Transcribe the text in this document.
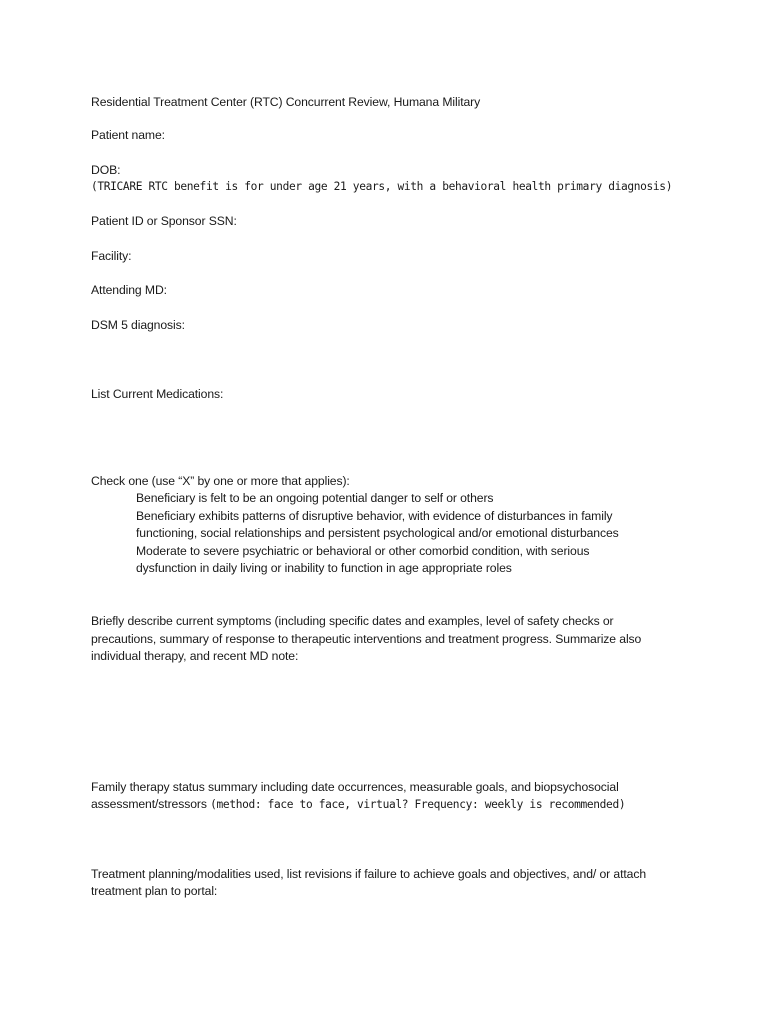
Residential Treatment Center (RTC) Concurrent Review, Humana Military
Patient name:
DOB:
(TRICARE RTC benefit is for under age 21 years, with a behavioral health primary diagnosis)
Patient ID or Sponsor SSN:
Facility:
Attending MD:
DSM 5 diagnosis:
List Current Medications:
Check one (use “X” by one or more that applies):
Beneficiary is felt to be an ongoing potential danger to self or others
Beneficiary exhibits patterns of disruptive behavior, with evidence of disturbances in family
functioning, social relationships and persistent psychological and/or emotional disturbances
Moderate to severe psychiatric or behavioral or other comorbid condition, with serious
dysfunction in daily living or inability to function in age appropriate roles
Briefly describe current symptoms (including specific dates and examples, level of safety checks or
precautions, summary of response to therapeutic interventions and treatment progress. Summarize also
individual therapy, and recent MD note:
Family therapy status summary including date occurrences, measurable goals, and biopsychosocial
assessment/stressors (method: face to face, virtual? Frequency: weekly is recommended)
Treatment planning/modalities used, list revisions if failure to achieve goals and objectives, and/ or attach
treatment plan to portal:
